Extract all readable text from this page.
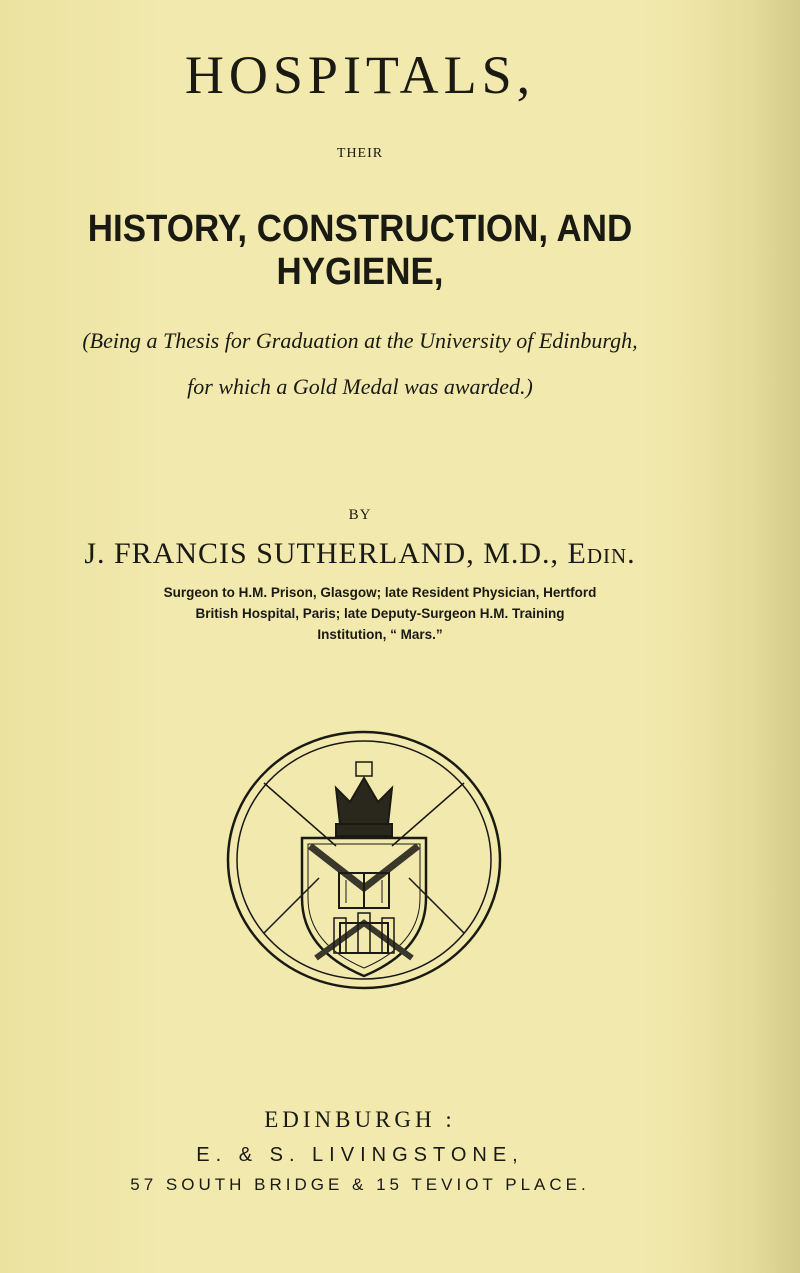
HOSPITALS,
THEIR
HISTORY, CONSTRUCTION, AND HYGIENE,
(Being a Thesis for Graduation at the University of Edinburgh,
for which a Gold Medal was awarded.)
BY
J. FRANCIS SUTHERLAND, M.D., Edin.
Surgeon to H.M. Prison, Glasgow; late Resident Physician, Hertford
British Hospital, Paris; late Deputy-Surgeon H.M. Training
Institution, “ Mars.”
EDINBURGH :
E. & S. LIVINGSTONE,
57 SOUTH BRIDGE & 15 TEVIOT PLACE.
